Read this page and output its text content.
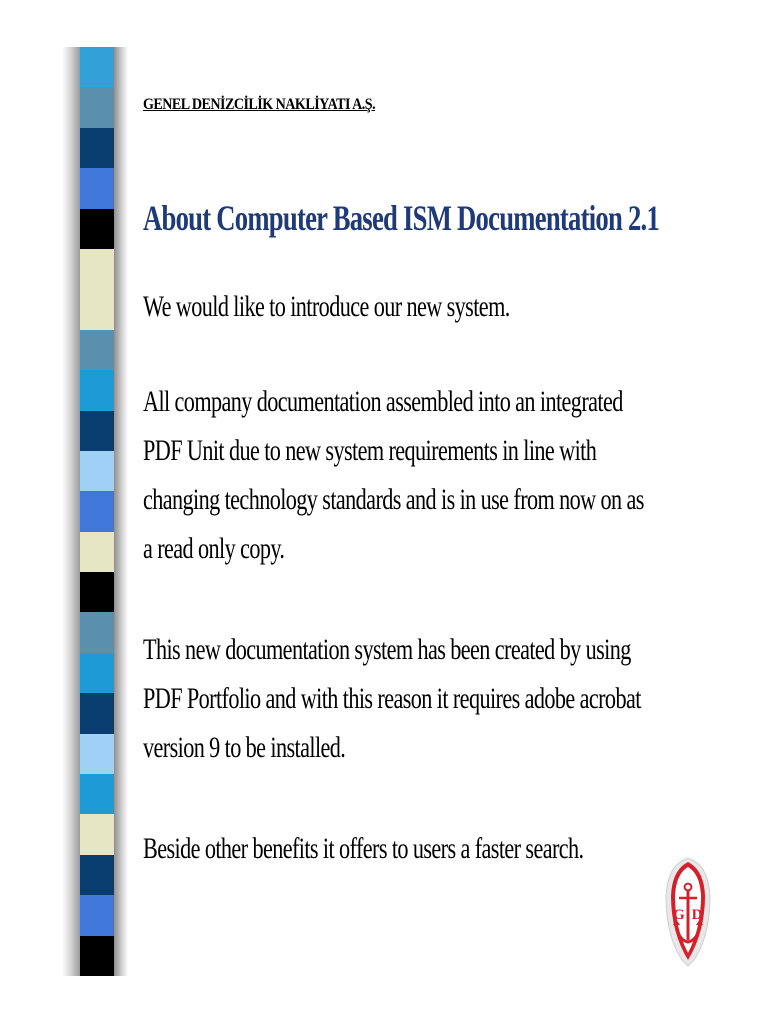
GENEL DENİZCİLİK NAKLİYATI A.Ş.
About Computer Based ISM Documentation 2.1

We would like to introduce our new system.

All company documentation assembled into an integrated
PDF Unit due to new system requirements in line with
changing technology standards and is in use from now on as
a read only copy.

This new documentation system has been created by using
PDF Portfolio and with this reason it requires adobe acrobat
version 9 to be installed.

Beside other benefits it offers to users a faster search.

G D
